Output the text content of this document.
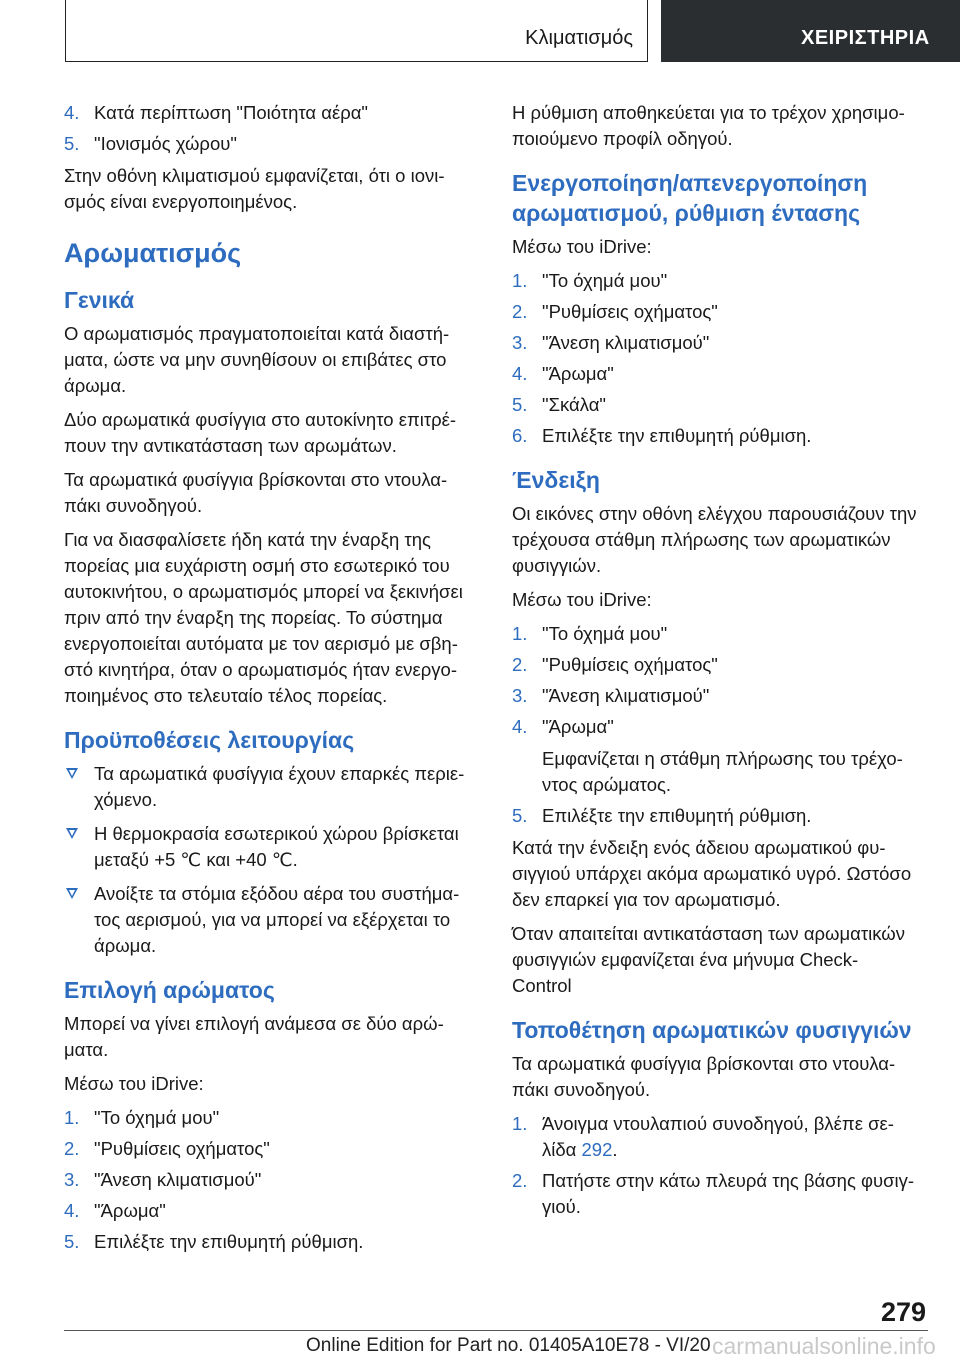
Κλιματισμός	ΧΕΙΡΙΣΤΗΡΙΑ
4. Κατά περίπτωση "Ποιότητα αέρα"
5. "Ιονισμός χώρου"

Στην οθόνη κλιματισμού εμφανίζεται, ότι ο ιονισμός είναι ενεργοποιημένος.

Αρωματισμός
Γενικά

Ο αρωματισμός πραγματοποιείται κατά διαστήματα, ώστε να μην συνηθίσουν οι επιβάτες στο άρωμα.

Δύο αρωματικά φυσίγγια στο αυτοκίνητο επιτρέπουν την αντικατάσταση των αρωμάτων.

Τα αρωματικά φυσίγγια βρίσκονται στο ντουλαπάκι συνοδηγού.

Για να διασφαλίσετε ήδη κατά την έναρξη της πορείας μια ευχάριστη οσμή στο εσωτερικό του αυτοκινήτου, ο αρωματισμός μπορεί να ξεκινήσει πριν από την έναρξη της πορείας. Το σύστημα ενεργοποιείται αυτόματα με τον αερισμό με σβηστό κινητήρα, όταν ο αρωματισμός ήταν ενεργοποιημένος στο τελευταίο τέλος πορείας.

Προϋποθέσεις λειτουργίας
Τα αρωματικά φυσίγγια έχουν επαρκές περιεχόμενο.
Η θερμοκρασία εσωτερικού χώρου βρίσκεται μεταξύ +5 ℃ και +40 ℃.
Ανοίξτε τα στόμια εξόδου αέρα του συστήματος αερισμού, για να μπορεί να εξέρχεται το άρωμα.
Επιλογή αρώματος

Μπορεί να γίνει επιλογή ανάμεσα σε δύο αρώματα.

Μέσω του iDrive:

1. "Το όχημά μου"
2. "Ρυθμίσεις οχήματος"
3. "Άνεση κλιματισμού"
4. "Άρωμα"
5. Επιλέξτε την επιθυμητή ρύθμιση.

Η ρύθμιση αποθηκεύεται για το τρέχον χρησιμοποιούμενο προφίλ οδηγού.

Ενεργοποίηση/απενεργοποίηση αρωματισμού, ρύθμιση έντασης

Μέσω του iDrive:

1. "Το όχημά μου"
2. "Ρυθμίσεις οχήματος"
3. "Άνεση κλιματισμού"
4. "Άρωμα"
5. "Σκάλα"
6. Επιλέξτε την επιθυμητή ρύθμιση.
Ένδειξη

Οι εικόνες στην οθόνη ελέγχου παρουσιάζουν την τρέχουσα στάθμη πλήρωσης των αρωματικών φυσιγγιών.

Μέσω του iDrive:

1. "Το όχημά μου"
2. "Ρυθμίσεις οχήματος"
3. "Άνεση κλιματισμού"
4. "Άρωμα"
Εμφανίζεται η στάθμη πλήρωσης του τρέχοντος αρώματος.
5. Επιλέξτε την επιθυμητή ρύθμιση.

Κατά την ένδειξη ενός άδειου αρωματικού φυσιγγιού υπάρχει ακόμα αρωματικό υγρό. Ωστόσο δεν επαρκεί για τον αρωματισμό.

Όταν απαιτείται αντικατάσταση των αρωματικών φυσιγγιών εμφανίζεται ένα μήνυμα Check-Control

Τοποθέτηση αρωματικών φυσιγγιών

Τα αρωματικά φυσίγγια βρίσκονται στο ντουλαπάκι συνοδηγού.

1. Άνοιγμα ντουλαπιού συνοδηγού, βλέπε σελίδα 292.
2. Πατήστε στην κάτω πλευρά της βάσης φυσιγγιού.
279
Online Edition for Part no. 01405A10E78 - VI/20 carmanualsonline.info
